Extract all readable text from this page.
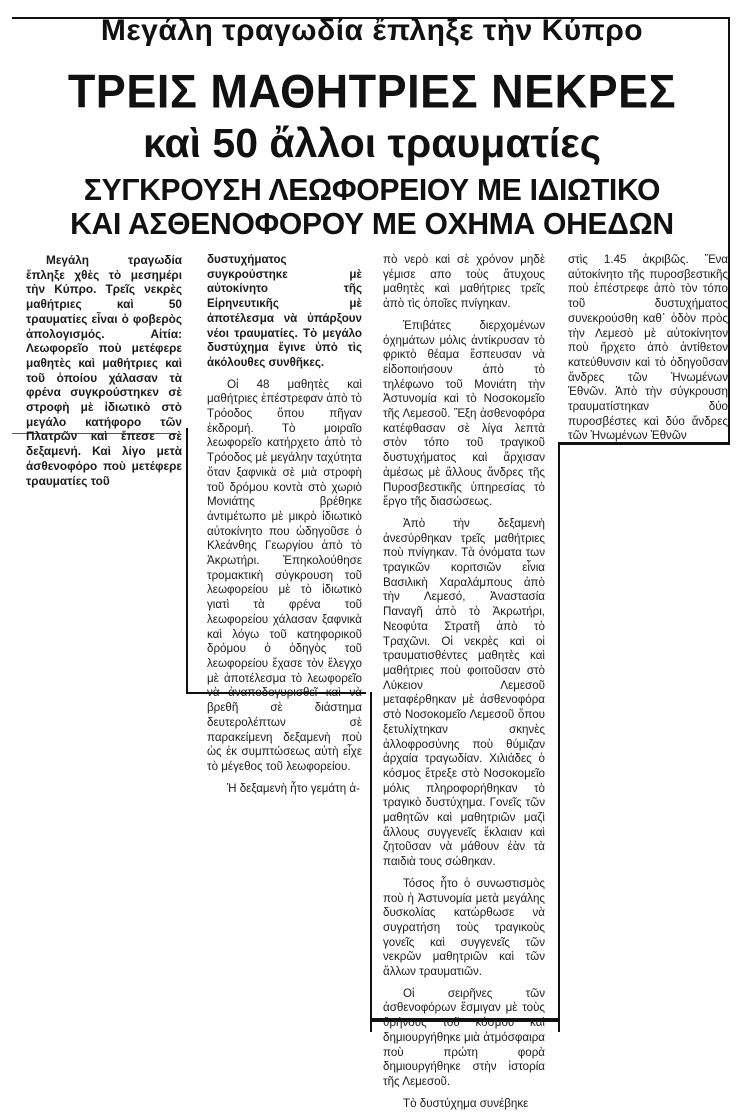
Μεγάλη τραγωδία ἔπληξε τὴν Κύπρο
ΤΡΕΙΣ ΜΑΘΗΤΡΙΕΣ ΝΕΚΡΕΣ
καὶ 50 ἄλλοι τραυματίες
ΣΥΓΚΡΟΥΣΗ ΛΕΩΦΟΡΕΙΟΥ ΜΕ ΙΔΙΩΤΙΚΟ
ΚΑΙ ΑΣΘΕΝΟΦΟΡΟΥ ΜΕ ΟΧΗΜΑ ΟΗΕΔΩΝ

Μεγάλη τραγωδία ἔπληξε χθὲς τὸ μεσημέρι τὴν Κύπρο. Τρεῖς νεκρὲς μαθήτριες καὶ 50 τραυματίες εἶναι ὁ φοβερὸς ἀπολογισμός. Αἰτία: Λεωφορεῖο ποὺ μετέφερε μαθητὲς καὶ μαθήτριες καὶ τοῦ ὁποίου χάλασαν τὰ φρένα συγκρούστηκεν σὲ στροφὴ μὲ ἰδιωτικὸ στὸ μεγάλο κατήφορο τῶν Πλατρῶν καὶ ἔπεσε σὲ δεξαμενή. Καὶ λίγο μετὰ ἀσθενοφόρο ποὺ μετέφερε τραυματίες τοῦ

δυστυχήματος συγκρούστηκε μὲ αὐτοκίνητο τῆς Εἰρηνευτικῆς μὲ ἀποτέλεσμα νὰ ὑπάρξουν νέοι τραυματίες. Τὸ μεγάλο δυστύχημα ἔγινε ὑπὸ τὶς ἀκόλουθες συνθῆκες.

Οἱ 48 μαθητὲς καὶ μαθήτριες ἐπέστρεφαν ἀπὸ τὸ Τρόοδος ὅπου πῆγαν ἐκδρομή. Τὸ μοιραῖο λεωφορεῖο κατήρχετο ἀπὸ τὸ Τρόοδος μὲ μεγάλην ταχύτητα ὅταν ξαφνικὰ σὲ μιὰ στροφὴ τοῦ δρόμου κοντὰ στὸ χωριὸ Μονιάτης βρέθηκε ἀντιμέτωπο μὲ μικρὸ ἰδιωτικὸ αὐτοκίνητο που ὡδηγοῦσε ὁ Κλεάνθης Γεωργίου ἀπὸ τὸ Ἀκρωτήρι. Ἐπηκολούθησε τρομακτικὴ σύγκρουση τοῦ λεωφορείου μὲ τὸ ἰδιωτικὸ γιατὶ τὰ φρένα τοῦ λεωφορείου χάλασαν ξαφνικὰ καὶ λόγω τοῦ κατηφορικοῦ δρόμου ὁ ὁδηγὸς τοῦ λεωφορείου ἔχασε τὸν ἔλεγχο μὲ ἀποτέλεσμα τὸ λεωφορεῖο νὰ ἀναποδογυρισθεῖ καὶ νὰ βρεθῆ σὲ διάστημα δευτερολέπτων σὲ παρακείμενη δεξαμενὴ ποὺ ὡς ἐκ συμπτώσεως αὐτὴ εἶχε τὸ μέγεθος τοῦ λεωφορείου.

Ἡ δεξαμενὴ ἦτο γεμάτη ἀ-

πὸ νερὸ καὶ σὲ χρόνον μηδὲ γέμισε απο τοὺς ἄτυχους μαθητὲς καὶ μαθήτριες τρεῖς ἀπὸ τὶς ὁποῖες πνίγηκαν.

Ἐπιβάτες διερχομένων ὀχημάτων μόλις ἀντίκρυσαν τὸ φρικτὸ θέαμα ἔσπευσαν νὰ εἰδοποιήσουν ἀπὸ τὸ τηλέφωνο τοῦ Μονιάτη τὴν Ἀστυνομία καὶ τὸ Νοσοκομεῖο τῆς Λεμεσοῦ. Ἕξη ἀσθενοφόρα κατέφθασαν σὲ λίγα λεπτὰ στὸν τόπο τοῦ τραγικοῦ δυστυχήματος καὶ ἄρχισαν ἀμέσως μὲ ἄλλους ἄνδρες τῆς Πυροσβεστικῆς ὑπηρεσίας τὸ ἔργο τῆς διασώσεως.

Ἀπὸ τὴν δεξαμενὴ ἀνεσύρθηκαν τρεῖς μαθήτριες ποὺ πνίγηκαν. Τὰ ὀνόματα των τραγικῶν κοριτσιῶν εἶνια Βασιλικὴ Χαραλάμπους ἀπὸ τὴν Λεμεσό, Ἀναστασία Παναγῆ ἀπὸ τὸ Ἀκρωτήρι, Νεοφύτα Στρατῆ ἀπὸ τὸ Τραχῶνι. Οἱ νεκρὲς καὶ οἱ τραυματισθέντες μαθητὲς καὶ μαθήτριες ποὺ φοιτοῦσαν στὸ Λύκειον Λεμεσοῦ μεταφέρθηκαν μὲ ἀσθενοφόρα στὸ Νοσοκομεῖο Λεμεσοῦ ὅπου ξετυλίχτηκαν σκηνὲς ἀλλοφροσύνης ποὺ θύμιζαν ἀρχαία τραγωδίαν. Χιλιάδες ὁ κόσμος ἔτρεξε στὸ Νοσοκομεῖο μόλις πληροφορήθηκαν τὸ τραγικὸ δυστύχημα. Γονεῖς τῶν μαθητῶν καὶ μαθητριῶν μαζὶ ἄλλους συγγενεῖς ἔκλαιαν καὶ ζητοῦσαν νὰ μάθουν ἐὰν τὰ παιδιὰ τους σώθηκαν.

Τόσος ἦτο ὁ συνωστισμὸς ποὺ ἡ Ἀστυνομία μετὰ μεγάλης δυσκολίας κατώρθωσε νὰ συγρατήση τοὺς τραγικοὺς γονεῖς καὶ συγγενεῖς τῶν νεκρῶν μαθητριῶν καὶ τῶν ἄλλων τραυματιῶν.

Οἱ σειρῆνες τῶν ἀσθενοφόρων ἔσμιγαν μὲ τοὺς θρήνους τοῦ κόσμου καὶ δημιουργήθηκε μιὰ ἀτμόσφαιρα ποὺ πρώτη φορὰ δημιουργήθηκε στὴν ἱστορία τῆς Λεμεσοῦ.

Τὸ δυστύχημα συνέβηκε

στὶς 1.45 ἀκριβῶς. Ἕνα αὐτοκίνητο τῆς πυροσβεστικῆς ποὺ ἐπέστρεφε ἀπὸ τὸν τόπο τοῦ δυστυχήματος συνεκρούσθη καθ᾽ ὁδὸν πρὸς τὴν Λεμεσὸ μὲ αὐτοκίνητον ποὺ ἤρχετο ἀπὸ ἀντίθετον κατεύθυνσιν καὶ τὸ ὁδηγοῦσαν ἄνδρες τῶν Ἡνωμένων Ἐθνῶν. Ἀπὸ τὴν σύγκρουση τραυματίστηκαν δύο πυροσβέστες καὶ δύο ἄνδρες τῶν Ἡνωμένων Ἐθνῶν
